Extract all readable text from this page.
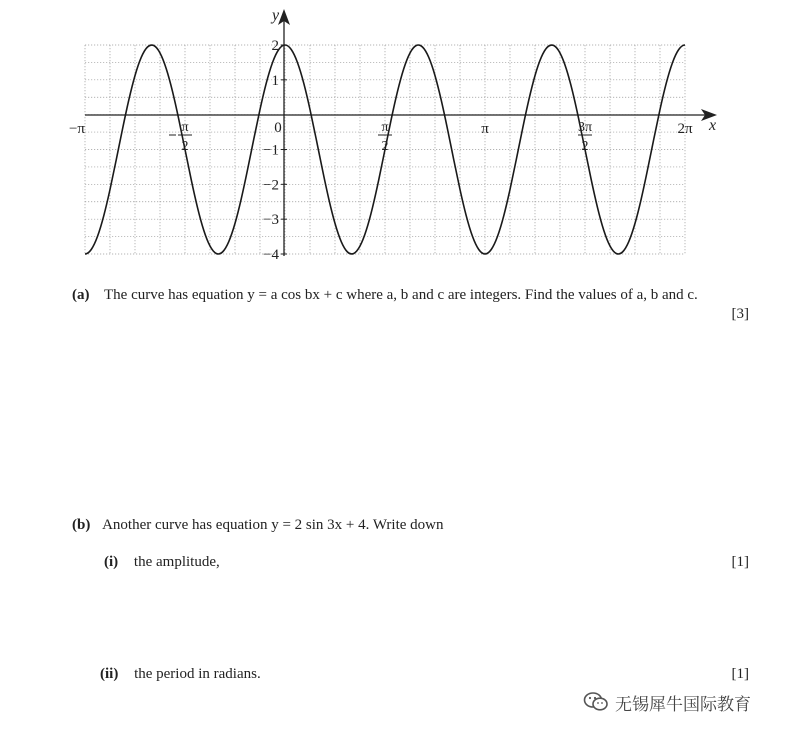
x
y
2
1
−1
−2
−3
−4
0
−π	π
2
π
2
π	3π
2
2π
(a) The curve has equation y = a cos bx + c where a, b and c are integers. Find the values of a, b and c.
[3]
(b) Another curve has equation y = 2 sin 3x + 4. Write down
(i) the amplitude,	[1]
(ii) the period in radians.	[1]
无锡犀牛国际教育
